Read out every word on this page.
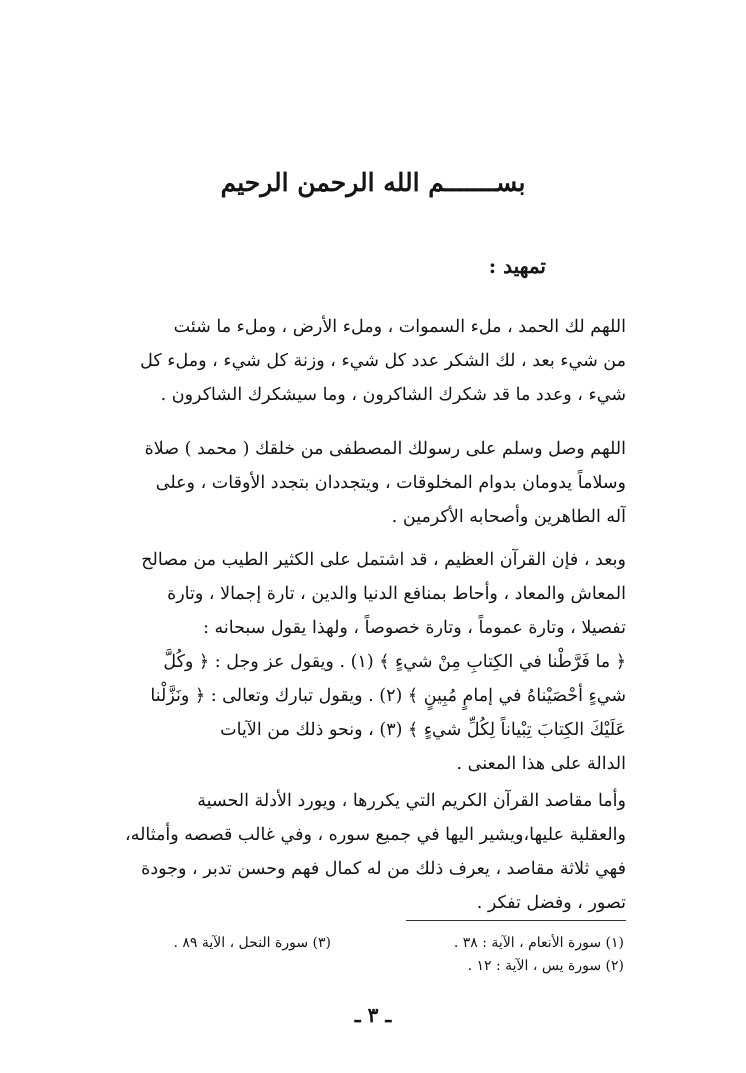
بســـــــم الله الرحمن الرحيم
تمهيد :
اللهم لك الحمد ، ملء السموات ، وملء الأرض ، وملء ما شئت
من شيء بعد ، لك الشكر عدد كل شيء ، وزنة كل شيء ، وملء كل
شيء ، وعدد ما قد شكرك الشاكرون ، وما سيشكرك الشاكرون .
اللهم وصل وسلم على رسولك المصطفى من خلقك ( محمد ) صلاة
وسلاماً يدومان بدوام المخلوقات ، ويتجددان بتجدد الأوقات ، وعلى
آله الطاهرين وأصحابه الأكرمين .
وبعد ، فإن القرآن العظيم ، قد اشتمل على الكثير الطيب من مصالح
المعاش والمعاد ، وأحاط بمنافع الدنيا والدين ، تارة إجمالا ، وتارة
تفصيلا ، وتارة عموماً ، وتارة خصوصاً ، ولهذا يقول سبحانه :
﴿ ما فَرَّطْنا في الكِتابِ مِنْ شيءٍ ﴾ (١) . ويقول عز وجل : ﴿ وكُلَّ
شيءٍ أحْصَيْناهُ في إمامٍ مُبِينٍ ﴾ (٢) . ويقول تبارك وتعالى : ﴿ ونَزَّلْنا
عَلَيْكَ الكِتابَ تِبْياناً لِكُلِّ شيءٍ ﴾ (٣) ، ونحو ذلك من الآيات
الدالة على هذا المعنى .
وأما مقاصد القرآن الكريم التي يكررها ، ويورد الأدلة الحسية
والعقلية عليها،ويشير اليها في جميع سوره ، وفي غالب قصصه وأمثاله،
فهي ثلاثة مقاصد ، يعرف ذلك من له كمال فهم وحسن تدبر ، وجودة
تصور ، وفضل تفكر .
(١) سورة الأنعام ، الآية : ٣٨ .
(٢) سورة يس ، الآية : ١٢ .
(٣) سورة النحل ، الآية ٨٩ .
ـ ٣ ـ
